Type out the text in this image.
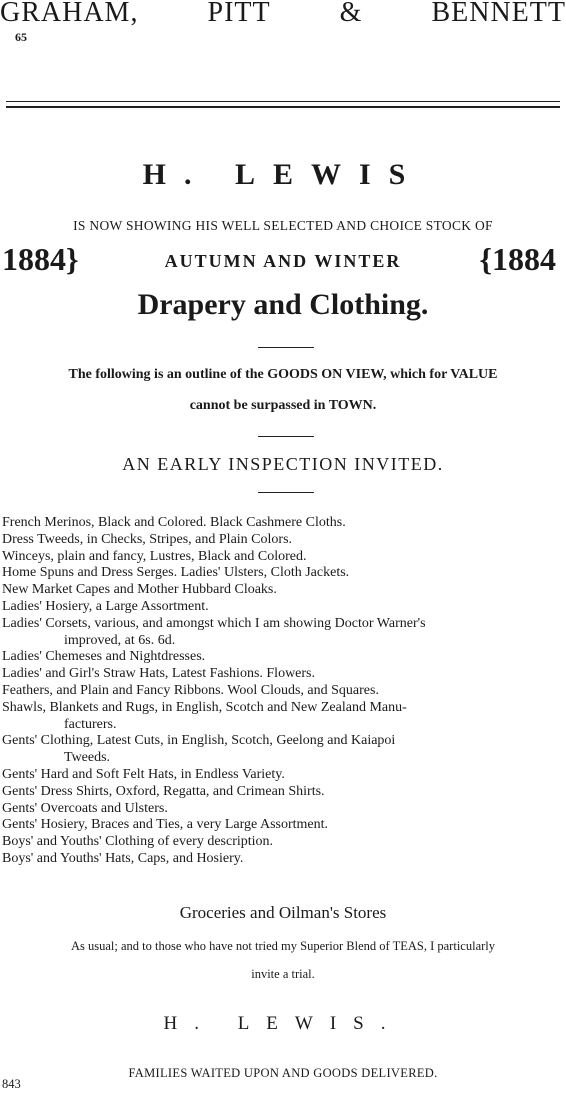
GRAHAM, PITT & BENNETT
65
H. LEWIS
IS NOW SHOWING HIS WELL SELECTED AND CHOICE STOCK OF
1884}	AUTUMN AND WINTER	{1884
Drapery and Clothing.
The following is an outline of the GOODS ON VIEW, which for VALUE
cannot be surpassed in TOWN.
AN EARLY INSPECTION INVITED.
French Merinos, Black and Colored. Black Cashmere Cloths.
Dress Tweeds, in Checks, Stripes, and Plain Colors.
Winceys, plain and fancy, Lustres, Black and Colored.
Home Spuns and Dress Serges. Ladies' Ulsters, Cloth Jackets.
New Market Capes and Mother Hubbard Cloaks.
Ladies' Hosiery, a Large Assortment.
Ladies' Corsets, various, and amongst which I am showing Doctor Warner's
improved, at 6s. 6d.
Ladies' Chemeses and Nightdresses.
Ladies' and Girl's Straw Hats, Latest Fashions. Flowers.
Feathers, and Plain and Fancy Ribbons. Wool Clouds, and Squares.
Shawls, Blankets and Rugs, in English, Scotch and New Zealand Manu-
facturers.
Gents' Clothing, Latest Cuts, in English, Scotch, Geelong and Kaiapoi
Tweeds.
Gents' Hard and Soft Felt Hats, in Endless Variety.
Gents' Dress Shirts, Oxford, Regatta, and Crimean Shirts.
Gents' Overcoats and Ulsters.
Gents' Hosiery, Braces and Ties, a very Large Assortment.
Boys' and Youths' Clothing of every description.
Boys' and Youths' Hats, Caps, and Hosiery.
Groceries and Oilman's Stores
As usual; and to those who have not tried my Superior Blend of TEAS, I particularly
invite a trial.
H. LEWIS.
843
FAMILIES WAITED UPON AND GOODS DELIVERED.
